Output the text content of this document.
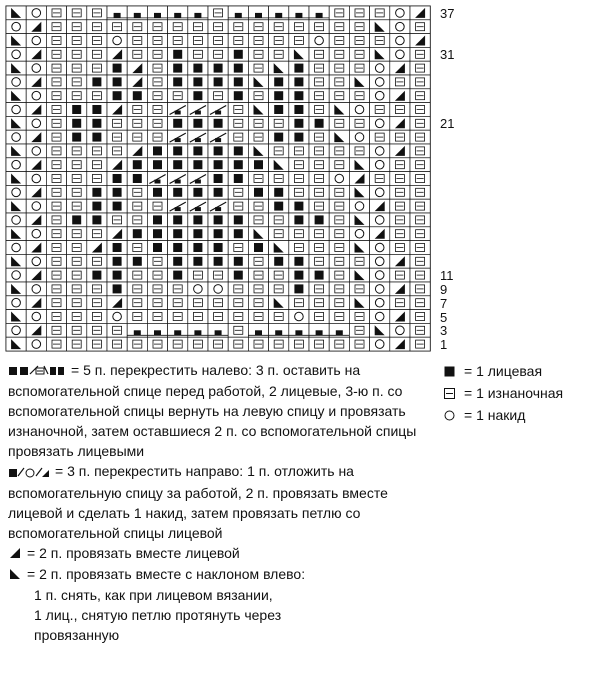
37
31
21
11
9
7
5
3
1
= 5 п. перекрестить налево: 3 п. оставить на вспомогательной спице перед работой, 2 лицевые, 3-ю п. со вспомогательной спицы вернуть на левую спицу и провязать изнаночной, затем оставшиеся 2 п. со вспомогательной спицы провязать лицевыми
= 3 п. перекрестить направо: 1 п. отложить на вспомогательную спицу за работой, 2 п. провязать вместе лицевой и сделать 1 накид, затем провязать петлю со вспомогательной спицы лицевой
= 2 п. провязать вместе лицевой
= 2 п. провязать вместе с наклоном влево:
1 п. снять, как при лицевом вязании,
1 лиц., снятую петлю протянуть через
провязанную
= 1 лицевая
= 1 изнаночная
= 1 накид
